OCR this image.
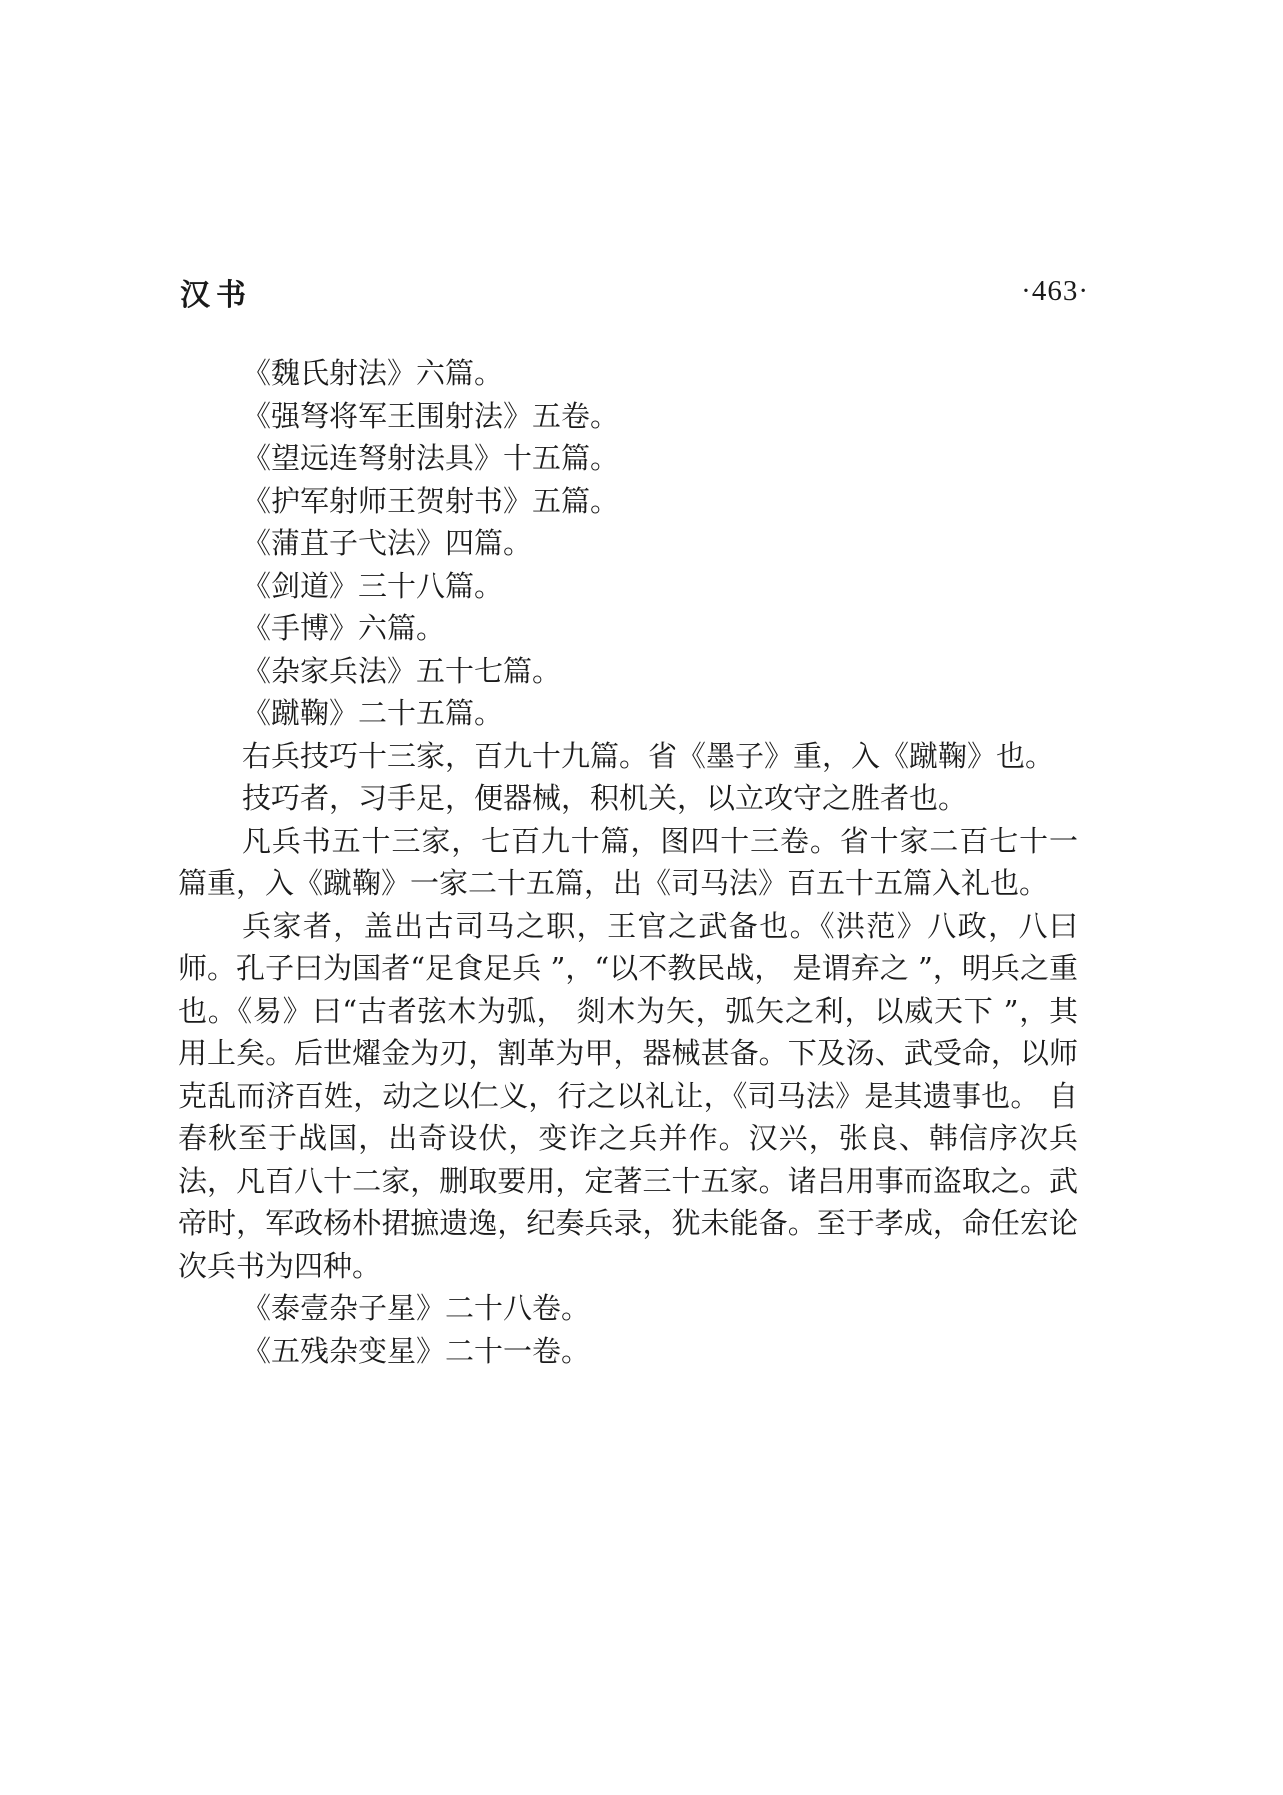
汉书	·463·

《魏氏射法》六篇。

《强弩将军王围射法》五卷。

《望远连弩射法具》十五篇。

《护军射师王贺射书》五篇。

《蒲苴子弋法》四篇。

《剑道》三十八篇。

《手博》六篇。

《杂家兵法》五十七篇。

《蹴鞠》二十五篇。

右兵技巧十三家，百九十九篇。省《墨子》重，入《蹴鞠》也。

技巧者，习手足，便器械，积机关，以立攻守之胜者也。

凡兵书五十三家，七百九十篇，图四十三卷。省十家二百七十一篇重，入《蹴鞠》一家二十五篇，出《司马法》百五十五篇入礼也。

兵家者，盖出古司马之职，王官之武备也。《洪范》八政，八曰师。孔子曰为国者“足食足兵 ”，“以不教民战， 是谓弃之 ”，明兵之重也。《易》曰“古者弦木为弧， 剡木为矢，弧矢之利，以威天下 ”，其用上矣。后世燿金为刃，割革为甲，器械甚备。下及汤、武受命，以师克乱而济百姓，动之以仁义，行之以礼让，《司马法》是其遗事也。 自春秋至于战国，出奇设伏，变诈之兵并作。汉兴，张良、韩信序次兵法，凡百八十二家，删取要用，定著三十五家。诸吕用事而盗取之。武帝时，军政杨朴捃摭遗逸，纪奏兵录，犹未能备。至于孝成，命任宏论次兵书为四种。

《泰壹杂子星》二十八卷。

《五残杂变星》二十一卷。
